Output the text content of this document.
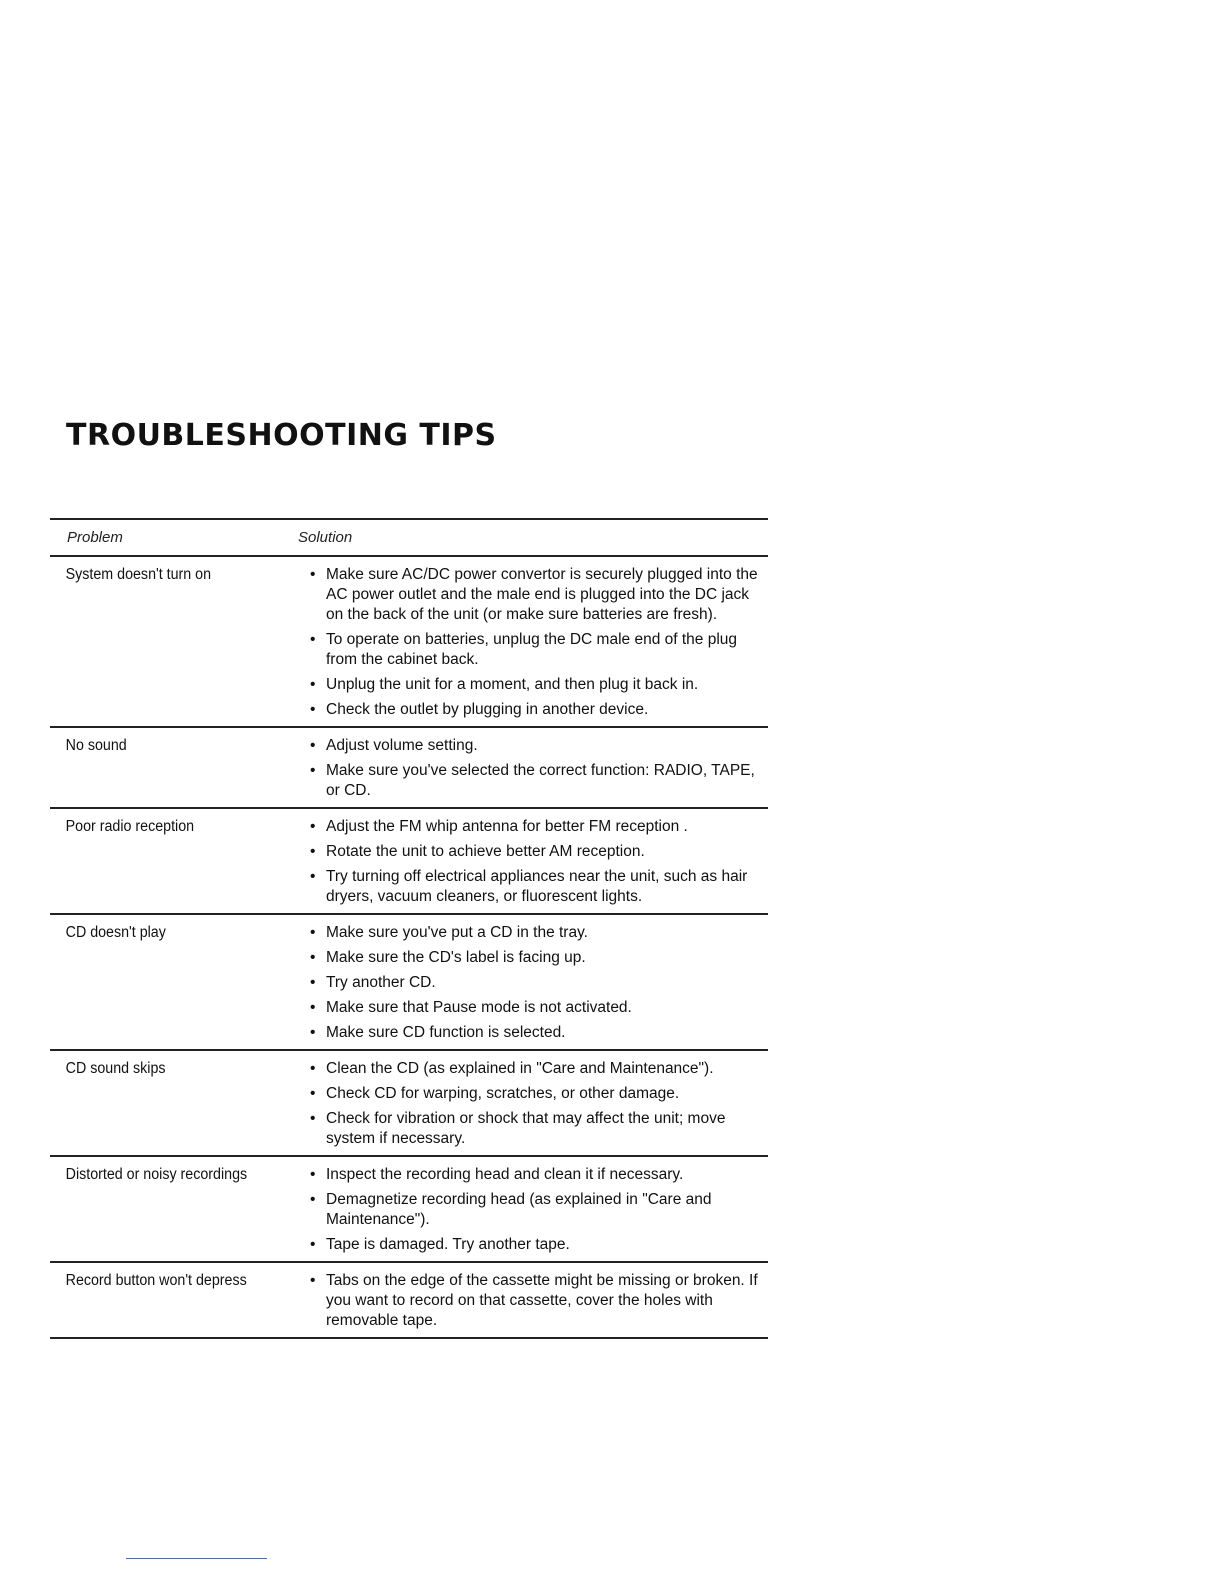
TROUBLESHOOTING TIPS
Problem	Solution
System doesn't turn on	• Make sure AC/DC power convertor is securely plugged into the AC power outlet and the male end is plugged into the DC jack on the back of the unit (or make sure batteries are fresh).
• To operate on batteries, unplug the DC male end of the plug from the cabinet back.
• Unplug the unit for a moment, and then plug it back in.
• Check the outlet by plugging in another device.
No sound	• Adjust volume setting.
• Make sure you've selected the correct function: RADIO, TAPE, or CD.
Poor radio reception	• Adjust the FM whip antenna for better FM reception .
• Rotate the unit to achieve better AM reception.
• Try turning off electrical appliances near the unit, such as hair dryers, vacuum cleaners, or fluorescent lights.
CD doesn't play	• Make sure you've put a CD in the tray.
• Make sure the CD's label is facing up.
• Try another CD.
• Make sure that Pause mode is not activated.
• Make sure CD function is selected.
CD sound skips	• Clean the CD (as explained in "Care and Maintenance").
• Check CD for warping, scratches, or other damage.
• Check for vibration or shock that may affect the unit; move system if necessary.
Distorted or noisy recordings	• Inspect the recording head and clean it if necessary.
• Demagnetize recording head (as explained in "Care and Maintenance").
• Tape is damaged. Try another tape.
Record button won't depress	• Tabs on the edge of the cassette might be missing or broken. If you want to record on that cassette, cover the holes with removable tape.
